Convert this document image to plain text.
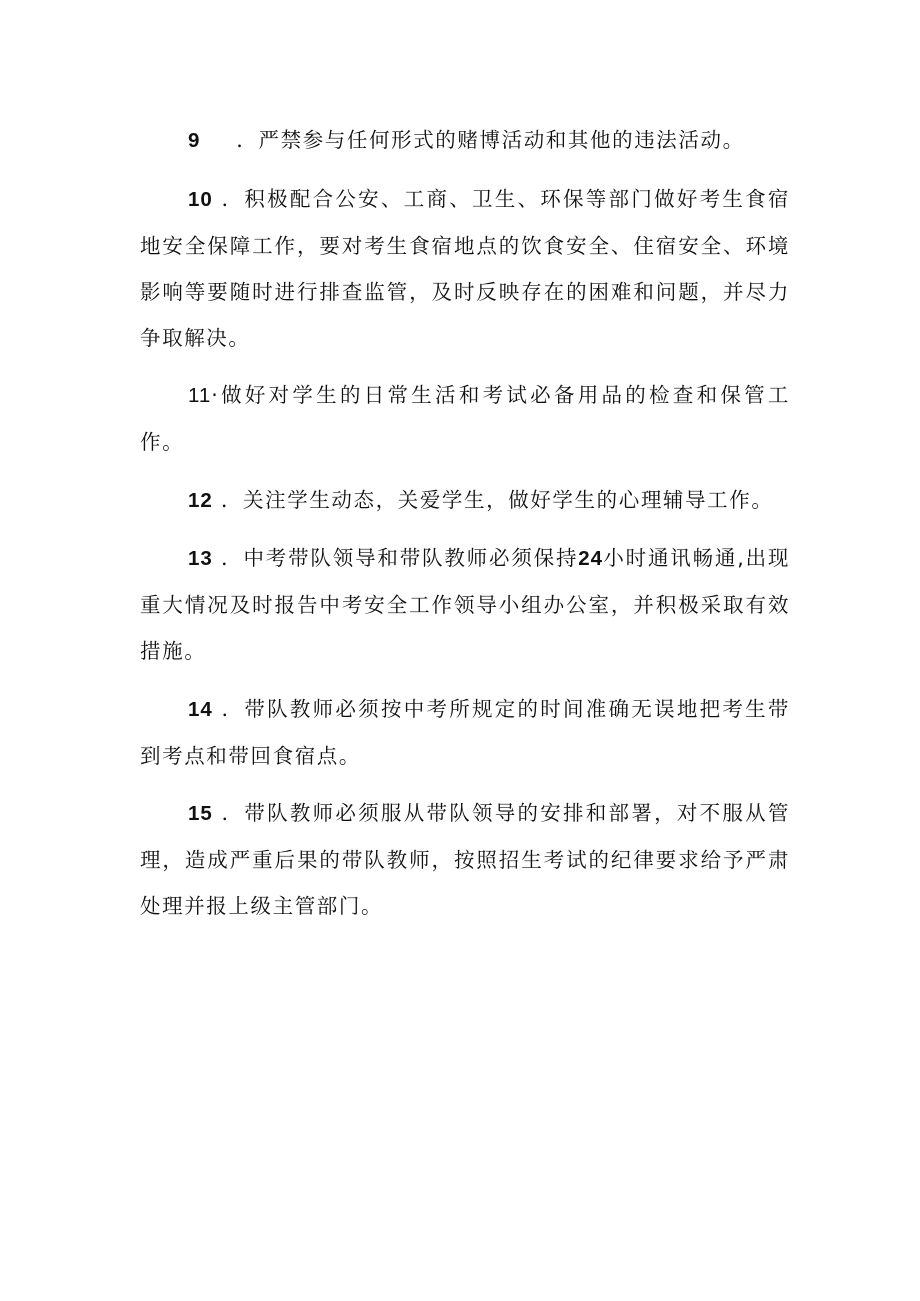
9 ．严禁参与任何形式的赌博活动和其他的违法活动。

10 ．积极配合公安、工商、卫生、环保等部门做好考生食宿地安全保障工作，要对考生食宿地点的饮食安全、住宿安全、环境影响等要随时进行排查监管，及时反映存在的困难和问题，并尽力争取解决。

11·做好对学生的日常生活和考试必备用品的检查和保管工作。

12 ．关注学生动态，关爱学生，做好学生的心理辅导工作。

13 ．中考带队领导和带队教师必须保持24小时通讯畅通,出现重大情况及时报告中考安全工作领导小组办公室，并积极采取有效措施。

14 ．带队教师必须按中考所规定的时间准确无误地把考生带到考点和带回食宿点。

15 ．带队教师必须服从带队领导的安排和部署，对不服从管理，造成严重后果的带队教师，按照招生考试的纪律要求给予严肃处理并报上级主管部门。
